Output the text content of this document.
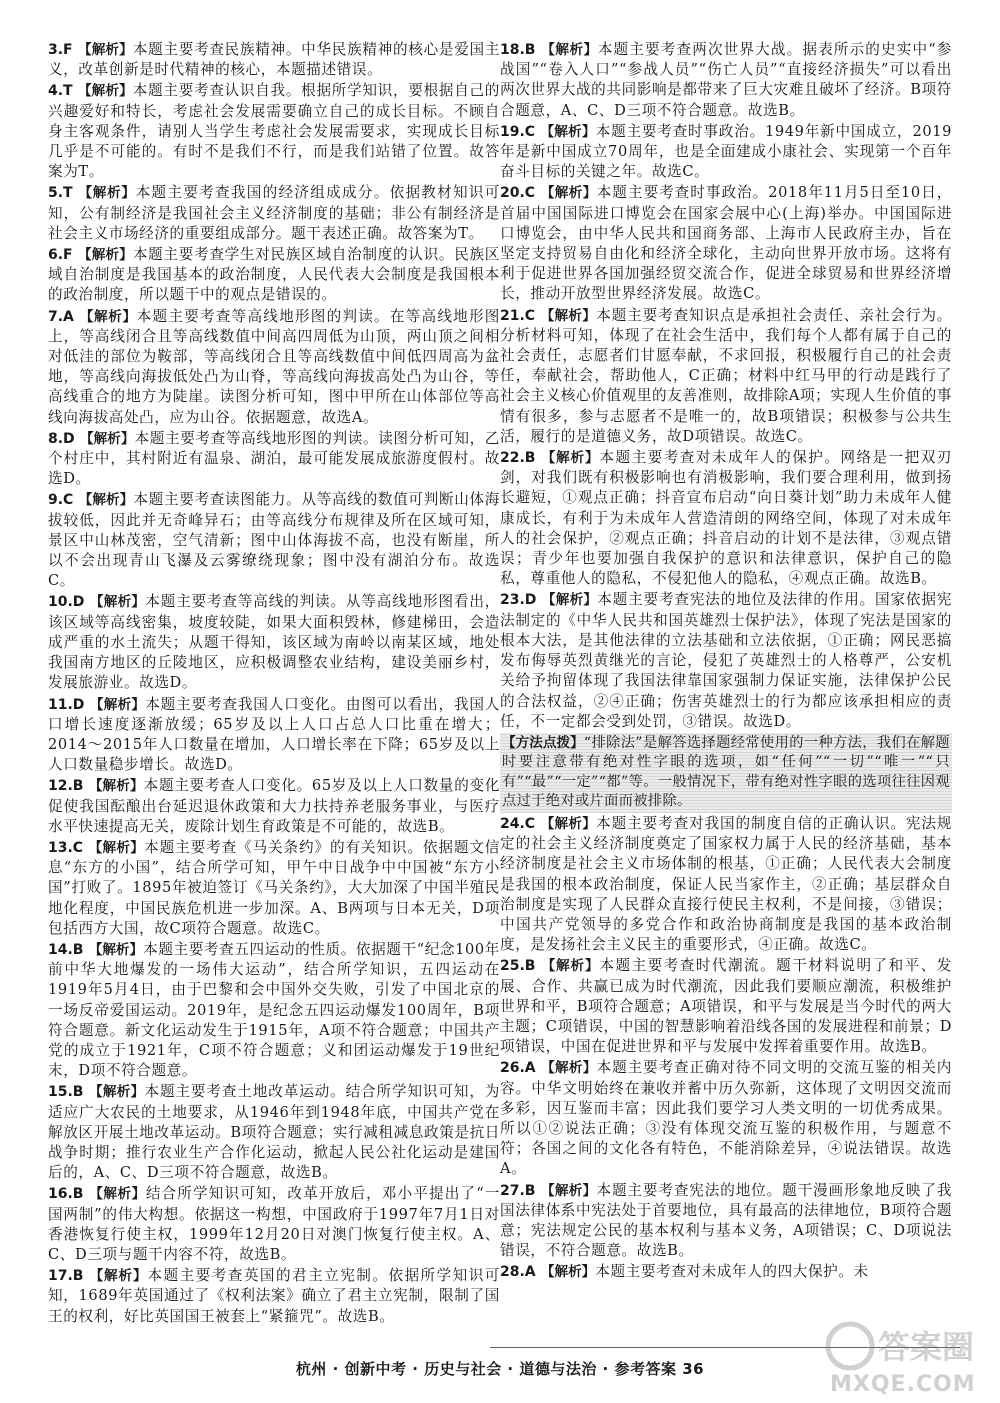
3.F 【解析】本题主要考查民族精神。中华民族精神的核心是爱国主义，改革创新是时代精神的核心，本题描述错误。

4.T 【解析】本题主要考查认识自我。根据所学知识，要根据自己的兴趣爱好和特长，考虑社会发展需要确立自己的成长目标。不顾自身主客观条件，请别人当学生考虑社会发展需要求，实现成长目标几乎是不可能的。有时不是我们不行，而是我们站错了位置。故答案为T。

5.T 【解析】本题主要考查我国的经济组成成分。依据教材知识可知，公有制经济是我国社会主义经济制度的基础；非公有制经济是社会主义市场经济的重要组成部分。题干表述正确。故答案为T。

6.F 【解析】本题主要考查学生对民族区域自治制度的认识。民族区域自治制度是我国基本的政治制度，人民代表大会制度是我国根本的政治制度，所以题干中的观点是错误的。

7.A 【解析】本题主要考查等高线地形图的判读。在等高线地形图上，等高线闭合且等高线数值中间高四周低为山顶，两山顶之间相对低洼的部位为鞍部，等高线闭合且等高线数值中间低四周高为盆地，等高线向海拔低处凸为山脊，等高线向海拔高处凸为山谷，等高线重合的地方为陡崖。读图分析可知，图中甲所在山体部位等高线向海拔高处凸，应为山谷。依据题意，故选A。

8.D 【解析】本题主要考查等高线地形图的判读。读图分析可知，乙个村庄中，其村附近有温泉、湖泊，最可能发展成旅游度假村。故选D。

9.C 【解析】本题主要考查读图能力。从等高线的数值可判断山体海拔较低，因此并无奇峰异石；由等高线分布规律及所在区域可知，景区中山林茂密，空气清新；图中山体海拔不高，也没有断崖，所以不会出现青山飞瀑及云雾缭绕现象；图中没有湖泊分布。故选C。

10.D 【解析】本题主要考查等高线的判读。从等高线地形图看出，该区域等高线密集，坡度较陡，如果大面积毁林，修建梯田，会造成严重的水土流失；从题干得知，该区域为南岭以南某区域，地处我国南方地区的丘陵地区，应积极调整农业结构，建设美丽乡村，发展旅游业。故选D。

11.D 【解析】本题主要考查我国人口变化。由图可以看出，我国人口增长速度逐渐放缓；65岁及以上人口占总人口比重在增大；2014～2015年人口数量在增加，人口增长率在下降；65岁及以上人口数量稳步增长。故选D。

12.B 【解析】本题主要考查人口变化。65岁及以上人口数量的变化促使我国酝酿出台延迟退休政策和大力扶持养老服务事业，与医疗水平快速提高无关，废除计划生育政策是不可能的，故选B。

13.C 【解析】本题主要考查《马关条约》的有关知识。依据题文信息“东方的小国”，结合所学可知，甲午中日战争中中国被“东方小国”打败了。1895年被迫签订《马关条约》，大大加深了中国半殖民地化程度，中国民族危机进一步加深。A、B两项与日本无关，D项包括西方大国，故C项符合题意。故选C。

14.B 【解析】本题主要考查五四运动的性质。依据题干“纪念100年前中华大地爆发的一场伟大运动”，结合所学知识，五四运动在1919年5月4日，由于巴黎和会中国外交失败，引发了中国北京的一场反帝爱国运动。2019年，是纪念五四运动爆发100周年，B项符合题意。新文化运动发生于1915年，A项不符合题意；中国共产党的成立于1921年，C项不符合题意；义和团运动爆发于19世纪末，D项不符合题意。

15.B 【解析】本题主要考查土地改革运动。结合所学知识可知，为适应广大农民的土地要求，从1946年到1948年底，中国共产党在解放区开展土地改革运动。B项符合题意；实行减租减息政策是抗日战争时期；推行农业生产合作化运动，掀起人民公社化运动是建国后的，A、C、D三项不符合题意，故选B。

16.B 【解析】结合所学知识可知，改革开放后，邓小平提出了“一国两制”的伟大构想。依据这一构想，中国政府于1997年7月1日对香港恢复行使主权，1999年12月20日对澳门恢复行使主权。A、C、D三项与题干内容不符，故选B。

17.B 【解析】本题主要考查英国的君主立宪制。依据所学知识可知，1689年英国通过了《权利法案》确立了君主立宪制，限制了国王的权利，好比英国国王被套上“紧箍咒”。故选B。

18.B 【解析】本题主要考查两次世界大战。据表所示的史实中“参战国”“卷入人口”“参战人员”“伤亡人员”“直接经济损失”可以看出两次世界大战的共同影响是都带来了巨大灾难且破坏了经济。B项符合题意，A、C、D三项不符合题意。故选B。

19.C 【解析】本题主要考查时事政治。1949年新中国成立，2019年是新中国成立70周年，也是全面建成小康社会、实现第一个百年奋斗目标的关键之年。故选C。

20.C 【解析】本题主要考查时事政治。2018年11月5日至10日，首届中国国际进口博览会在国家会展中心(上海)举办。中国国际进口博览会，由中华人民共和国商务部、上海市人民政府主办，旨在坚定支持贸易自由化和经济全球化，主动向世界开放市场。这将有利于促进世界各国加强经贸交流合作，促进全球贸易和世界经济增长，推动开放型世界经济发展。故选C。

21.C 【解析】本题主要考查知识点是承担社会责任、亲社会行为。分析材料可知，体现了在社会生活中，我们每个人都有属于自己的社会责任，志愿者们甘愿奉献，不求回报，积极履行自己的社会责任，奉献社会，帮助他人，C正确；材料中红马甲的行动是践行了社会主义核心价值观里的友善准则，故排除A项；实现人生价值的事情有很多，参与志愿者不是唯一的，故B项错误；积极参与公共生活，履行的是道德义务，故D项错误。故选C。

22.B 【解析】本题主要考查对未成年人的保护。网络是一把双刃剑，对我们既有积极影响也有消极影响，我们要合理利用，做到扬长避短，①观点正确；抖音宣布启动“向日葵计划”助力未成年人健康成长，有利于为未成年人营造清朗的网络空间，体现了对未成年人的社会保护，②观点正确；抖音启动的计划不是法律，③观点错误；青少年也要加强自我保护的意识和法律意识，保护自己的隐私，尊重他人的隐私，不侵犯他人的隐私，④观点正确。故选B。

23.D 【解析】本题主要考查宪法的地位及法律的作用。国家依据宪法制定的《中华人民共和国英雄烈士保护法》，体现了宪法是国家的根本大法，是其他法律的立法基础和立法依据，①正确；网民恶搞发布侮辱英烈黄继光的言论，侵犯了英雄烈士的人格尊严，公安机关给予拘留体现了我国法律靠国家强制力保证实施，法律保护公民的合法权益，②④正确；伤害英雄烈士的行为都应该承担相应的责任，不一定都会受到处罚，③错误。故选D。

【方法点拨】“排除法”是解答选择题经常使用的一种方法，我们在解题时要注意带有绝对性字眼的选项，如“任何”“一切”“唯一”“只有”“最”“一定”“都”等。一般情况下，带有绝对性字眼的选项往往因观点过于绝对或片面而被排除。

24.C 【解析】本题主要考查对我国的制度自信的正确认识。宪法规定的社会主义经济制度奠定了国家权力属于人民的经济基础，基本经济制度是社会主义市场体制的根基，①正确；人民代表大会制度是我国的根本政治制度，保证人民当家作主，②正确；基层群众自治制度是实现了人民群众直接行使民主权利，不是间接，③错误；中国共产党领导的多党合作和政治协商制度是我国的基本政治制度，是发扬社会主义民主的重要形式，④正确。故选C。

25.B 【解析】本题主要考查时代潮流。题干材料说明了和平、发展、合作、共赢已成为时代潮流，因此我们要顺应潮流，积极维护世界和平，B项符合题意；A项错误，和平与发展是当今时代的两大主题；C项错误，中国的智慧影响着沿线各国的发展进程和前景；D项错误，中国在促进世界和平与发展中发挥着重要作用。故选B。

26.A 【解析】本题主要考查正确对待不同文明的交流互鉴的相关内容。中华文明始终在兼收并蓄中历久弥新，这体现了文明因交流而多彩，因互鉴而丰富；因此我们要学习人类文明的一切优秀成果。所以①②说法正确；③没有体现交流互鉴的积极作用，与题意不符；各国之间的文化各有特色，不能消除差异，④说法错误。故选A。

27.B 【解析】本题主要考查宪法的地位。题干漫画形象地反映了我国法律体系中宪法处于首要地位，具有最高的法律地位，B项符合题意；宪法规定公民的基本权利与基本义务，A项错误；C、D项说法错误，不符合题意。故选B。

28.A 【解析】本题主要考查对未成年人的四大保护。未

杭州 · 创新中考 · 历史与社会 · 道德与法治 · 参考答案 36
答案圈
MXQE.COM
